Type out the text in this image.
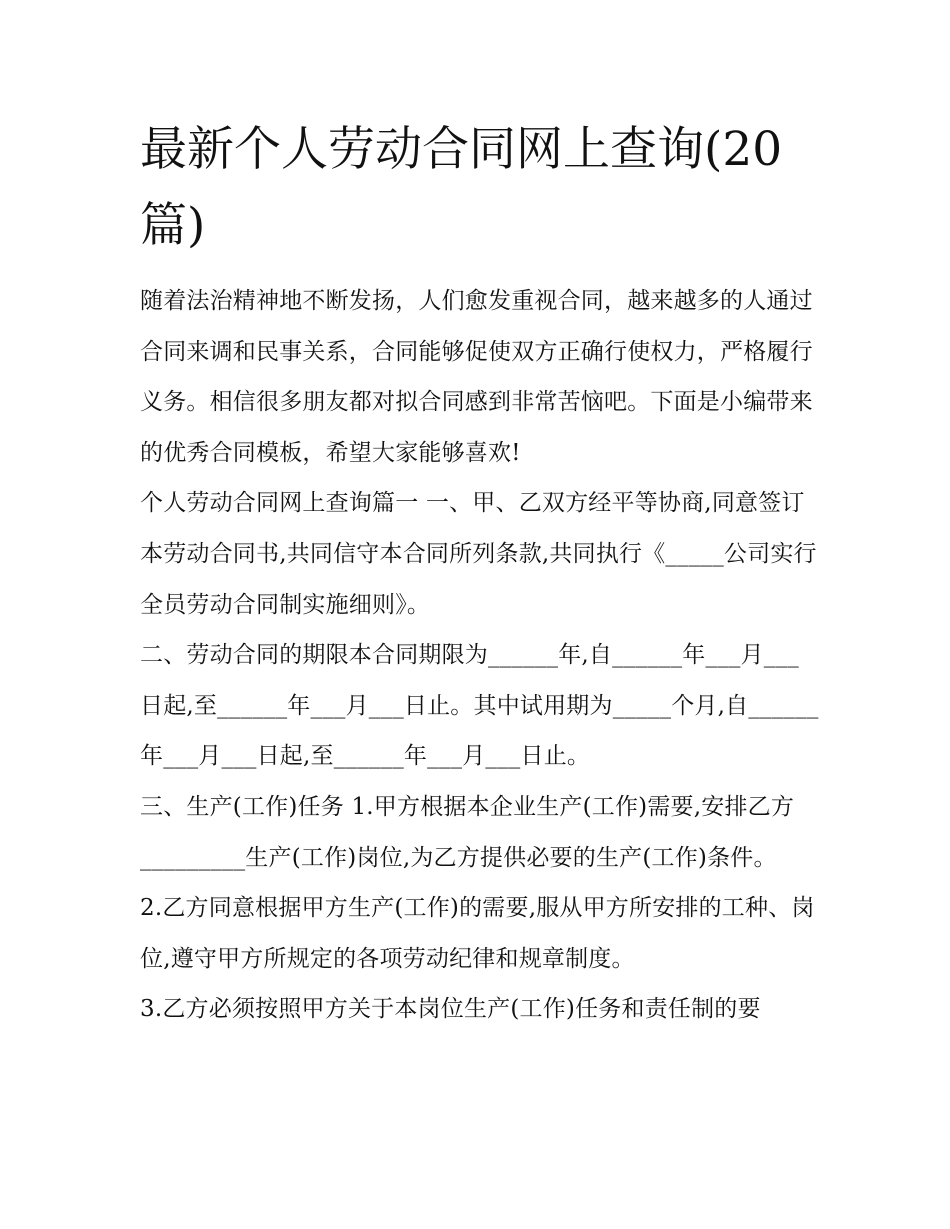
最新个人劳动合同网上查询(20篇)

随着法治精神地不断发扬，人们愈发重视合同，越来越多的人通过合同来调和民事关系，合同能够促使双方正确行使权力，严格履行义务。相信很多朋友都对拟合同感到非常苦恼吧。下面是小编带来的优秀合同模板，希望大家能够喜欢!

个人劳动合同网上查询篇一 一、甲、乙双方经平等协商,同意签订本劳动合同书,共同信守本合同所列条款,共同执行《_____公司实行全员劳动合同制实施细则》。

二、劳动合同的期限本合同期限为______年,自______年___月___日起,至______年___月___日止。其中试用期为_____个月,自______年___月___日起,至______年___月___日止。

三、生产(工作)任务 1.甲方根据本企业生产(工作)需要,安排乙方_________生产(工作)岗位,为乙方提供必要的生产(工作)条件。

2.乙方同意根据甲方生产(工作)的需要,服从甲方所安排的工种、岗位,遵守甲方所规定的各项劳动纪律和规章制度。

3.乙方必须按照甲方关于本岗位生产(工作)任务和责任制的要
